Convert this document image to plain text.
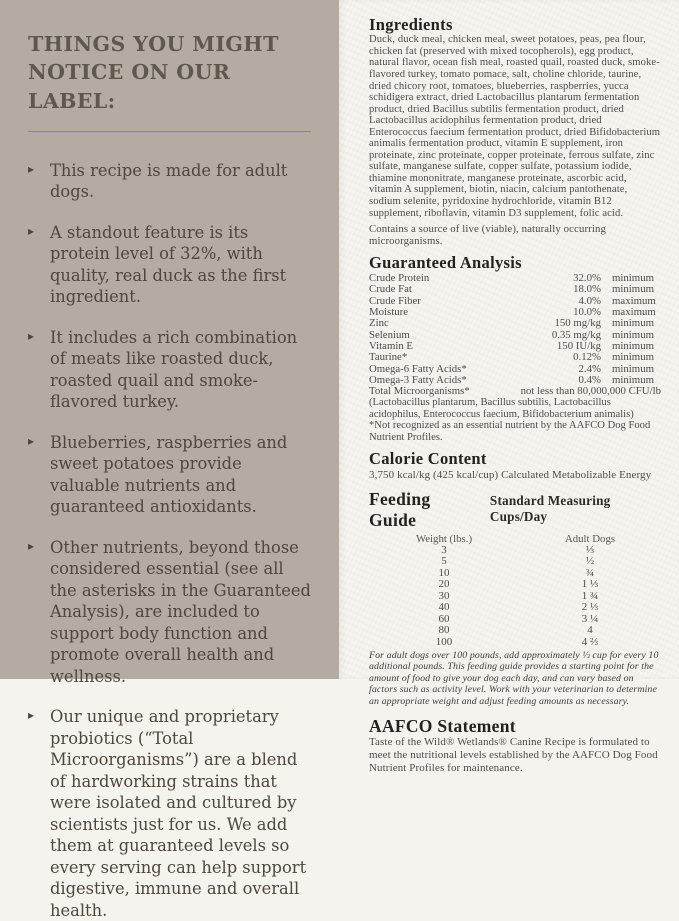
THINGS YOU MIGHT NOTICE ON OUR LABEL:
▸ This recipe is made for adult dogs.
▸ A standout feature is its protein level of 32%, with quality, real duck as the first ingredient.
▸ It includes a rich combination of meats like roasted duck, roasted quail and smoke-flavored turkey.
▸ Blueberries, raspberries and sweet potatoes provide valuable nutrients and guaranteed antioxidants.
▸ Other nutrients, beyond those considered essential (see all the asterisks in the Guaranteed Analysis), are included to support body function and promote overall health and wellness.
▸ Our unique and proprietary probiotics (“Total Microorganisms”) are a blend of hardworking strains that were isolated and cultured by scientists just for us. We add them at guaranteed levels so every serving can help support digestive, immune and overall health.
Ingredients

Duck, duck meal, chicken meal, sweet potatoes, peas, pea flour, chicken fat (preserved with mixed tocopherols), egg product, natural flavor, ocean fish meal, roasted quail, roasted duck, smoke-flavored turkey, tomato pomace, salt, choline chloride, taurine, dried chicory root, tomatoes, blueberries, raspberries, yucca schidigera extract, dried Lactobacillus plantarum fermentation product, dried Bacillus subtilis fermentation product, dried Lactobacillus acidophilus fermentation product, dried Enterococcus faecium fermentation product, dried Bifidobacterium animalis fermentation product, vitamin E supplement, iron proteinate, zinc proteinate, copper proteinate, ferrous sulfate, zinc sulfate, manganese sulfate, copper sulfate, potassium iodide, thiamine mononitrate, manganese proteinate, ascorbic acid, vitamin A supplement, biotin, niacin, calcium pantothenate, sodium selenite, pyridoxine hydrochloride, vitamin B12 supplement, riboflavin, vitamin D3 supplement, folic acid.

Contains a source of live (viable), naturally occurring microorganisms.

Guaranteed Analysis
Crude Protein	32.0%	minimum
Crude Fat	18.0%	minimum
Crude Fiber	4.0%	maximum
Moisture	10.0%	maximum
Zinc	150 mg/kg	minimum
Selenium	0.35 mg/kg	minimum
Vitamin E	150 IU/kg	minimum
Taurine*	0.12%	minimum
Omega-6 Fatty Acids*	2.4%	minimum
Omega-3 Fatty Acids*	0.4%	minimum
Total Microorganisms*	not less than 80,000,000 CFU/lb

(Lactobacillus plantarum, Bacillus subtilis, Lactobacillus acidophilus, Enterococcus faecium, Bifidobacterium animalis)

*Not recognized as an essential nutrient by the AAFCO Dog Food Nutrient Profiles.

Calorie Content

3,750 kcal/kg (425 kcal/cup) Calculated Metabolizable Energy

Feeding Guide
Standard Measuring Cups/Day
Weight (lbs.)	Adult Dogs
3	⅓
5	½
10	¾
20	1 ⅓
30	1 ¾
40	2 ⅓
60	3 ¼
80	4
100	4 ⅔

For adult dogs over 100 pounds, add approximately ⅓ cup for every 10 additional pounds. This feeding guide provides a starting point for the amount of food to give your dog each day, and can vary based on factors such as activity level. Work with your veterinarian to determine an appropriate weight and adjust feeding amounts as necessary.

AAFCO Statement

Taste of the Wild® Wetlands® Canine Recipe is formulated to meet the nutritional levels established by the AAFCO Dog Food Nutrient Profiles for maintenance.
